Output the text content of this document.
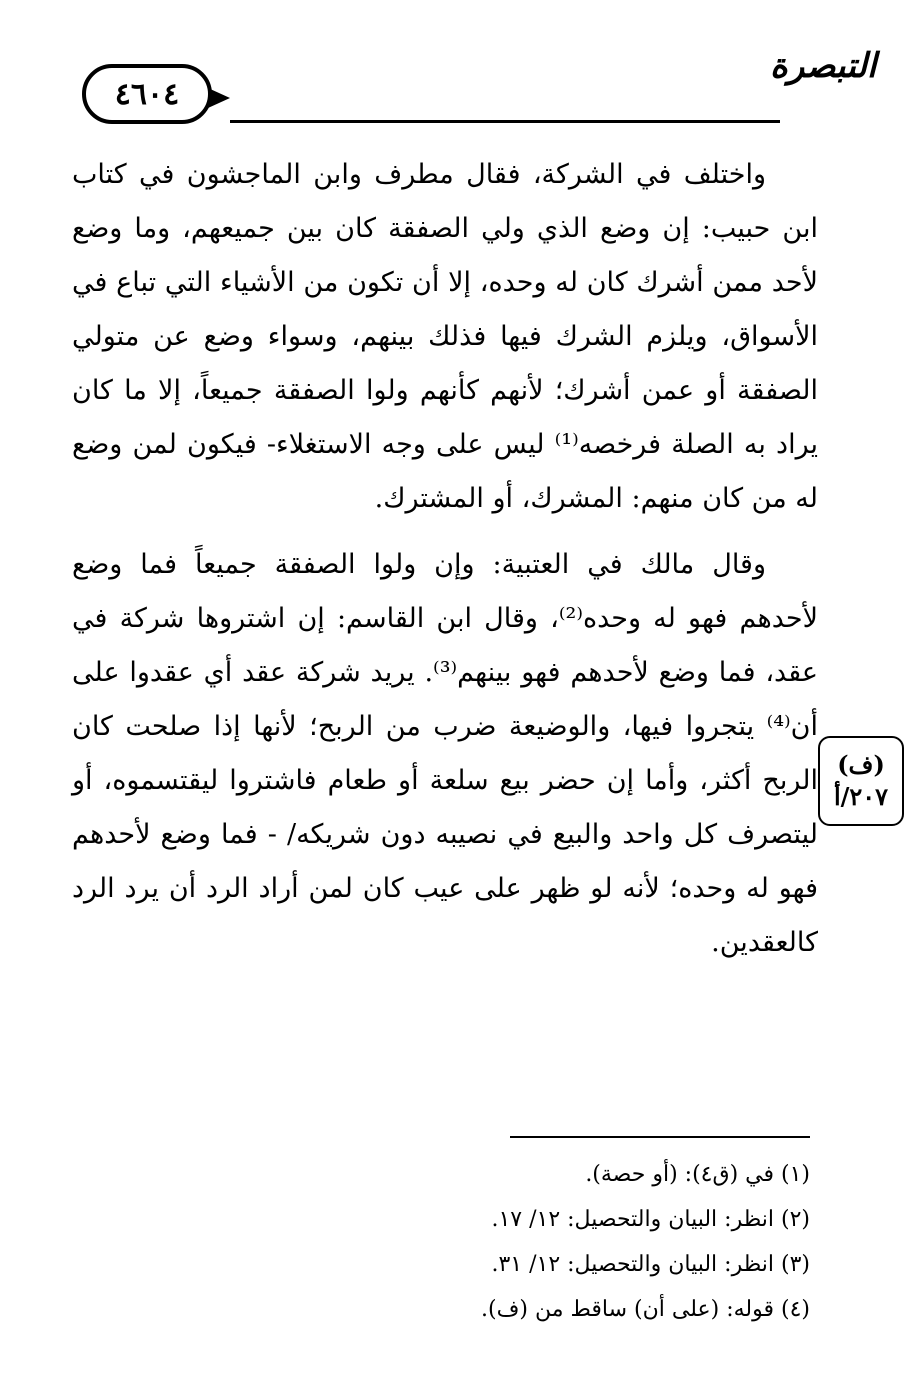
٤٦٠٤
التبصرة

واختلف في الشركة، فقال مطرف وابن الماجشون في كتاب ابن حبيب: إن وضع الذي ولي الصفقة كان بين جميعهم، وما وضع لأحد ممن أشرك كان له وحده، إلا أن تكون من الأشياء التي تباع في الأسواق، ويلزم الشرك فيها فذلك بينهم، وسواء وضع عن متولي الصفقة أو عمن أشرك؛ لأنهم كأنهم ولوا الصفقة جميعاً، إلا ما كان يراد به الصلة فرخصه⁽¹⁾ ليس على وجه الاستغلاء- فيكون لمن وضع له من كان منهم: المشرك، أو المشترك.

وقال مالك في العتبية: وإن ولوا الصفقة جميعاً فما وضع لأحدهم فهو له وحده⁽²⁾، وقال ابن القاسم: إن اشتروها شركة في عقد، فما وضع لأحدهم فهو بينهم⁽³⁾. يريد شركة عقد أي عقدوا على أن⁽⁴⁾ يتجروا فيها، والوضيعة ضرب من الربح؛ لأنها إذا صلحت كان الربح أكثر، وأما إن حضر بيع سلعة أو طعام فاشتروا ليقتسموه، أو ليتصرف كل واحد والبيع في نصيبه دون شريكه/ - فما وضع لأحدهم فهو له وحده؛ لأنه لو ظهر على عيب كان لمن أراد الرد أن يرد الرد كالعقدين.

(ف)
٢٠٧/أ
(١) في (ق٤): (أو حصة).
(٢) انظر: البيان والتحصيل: ١٢/ ١٧.
(٣) انظر: البيان والتحصيل: ١٢/ ٣١.
(٤) قوله: (على أن) ساقط من (ف).
